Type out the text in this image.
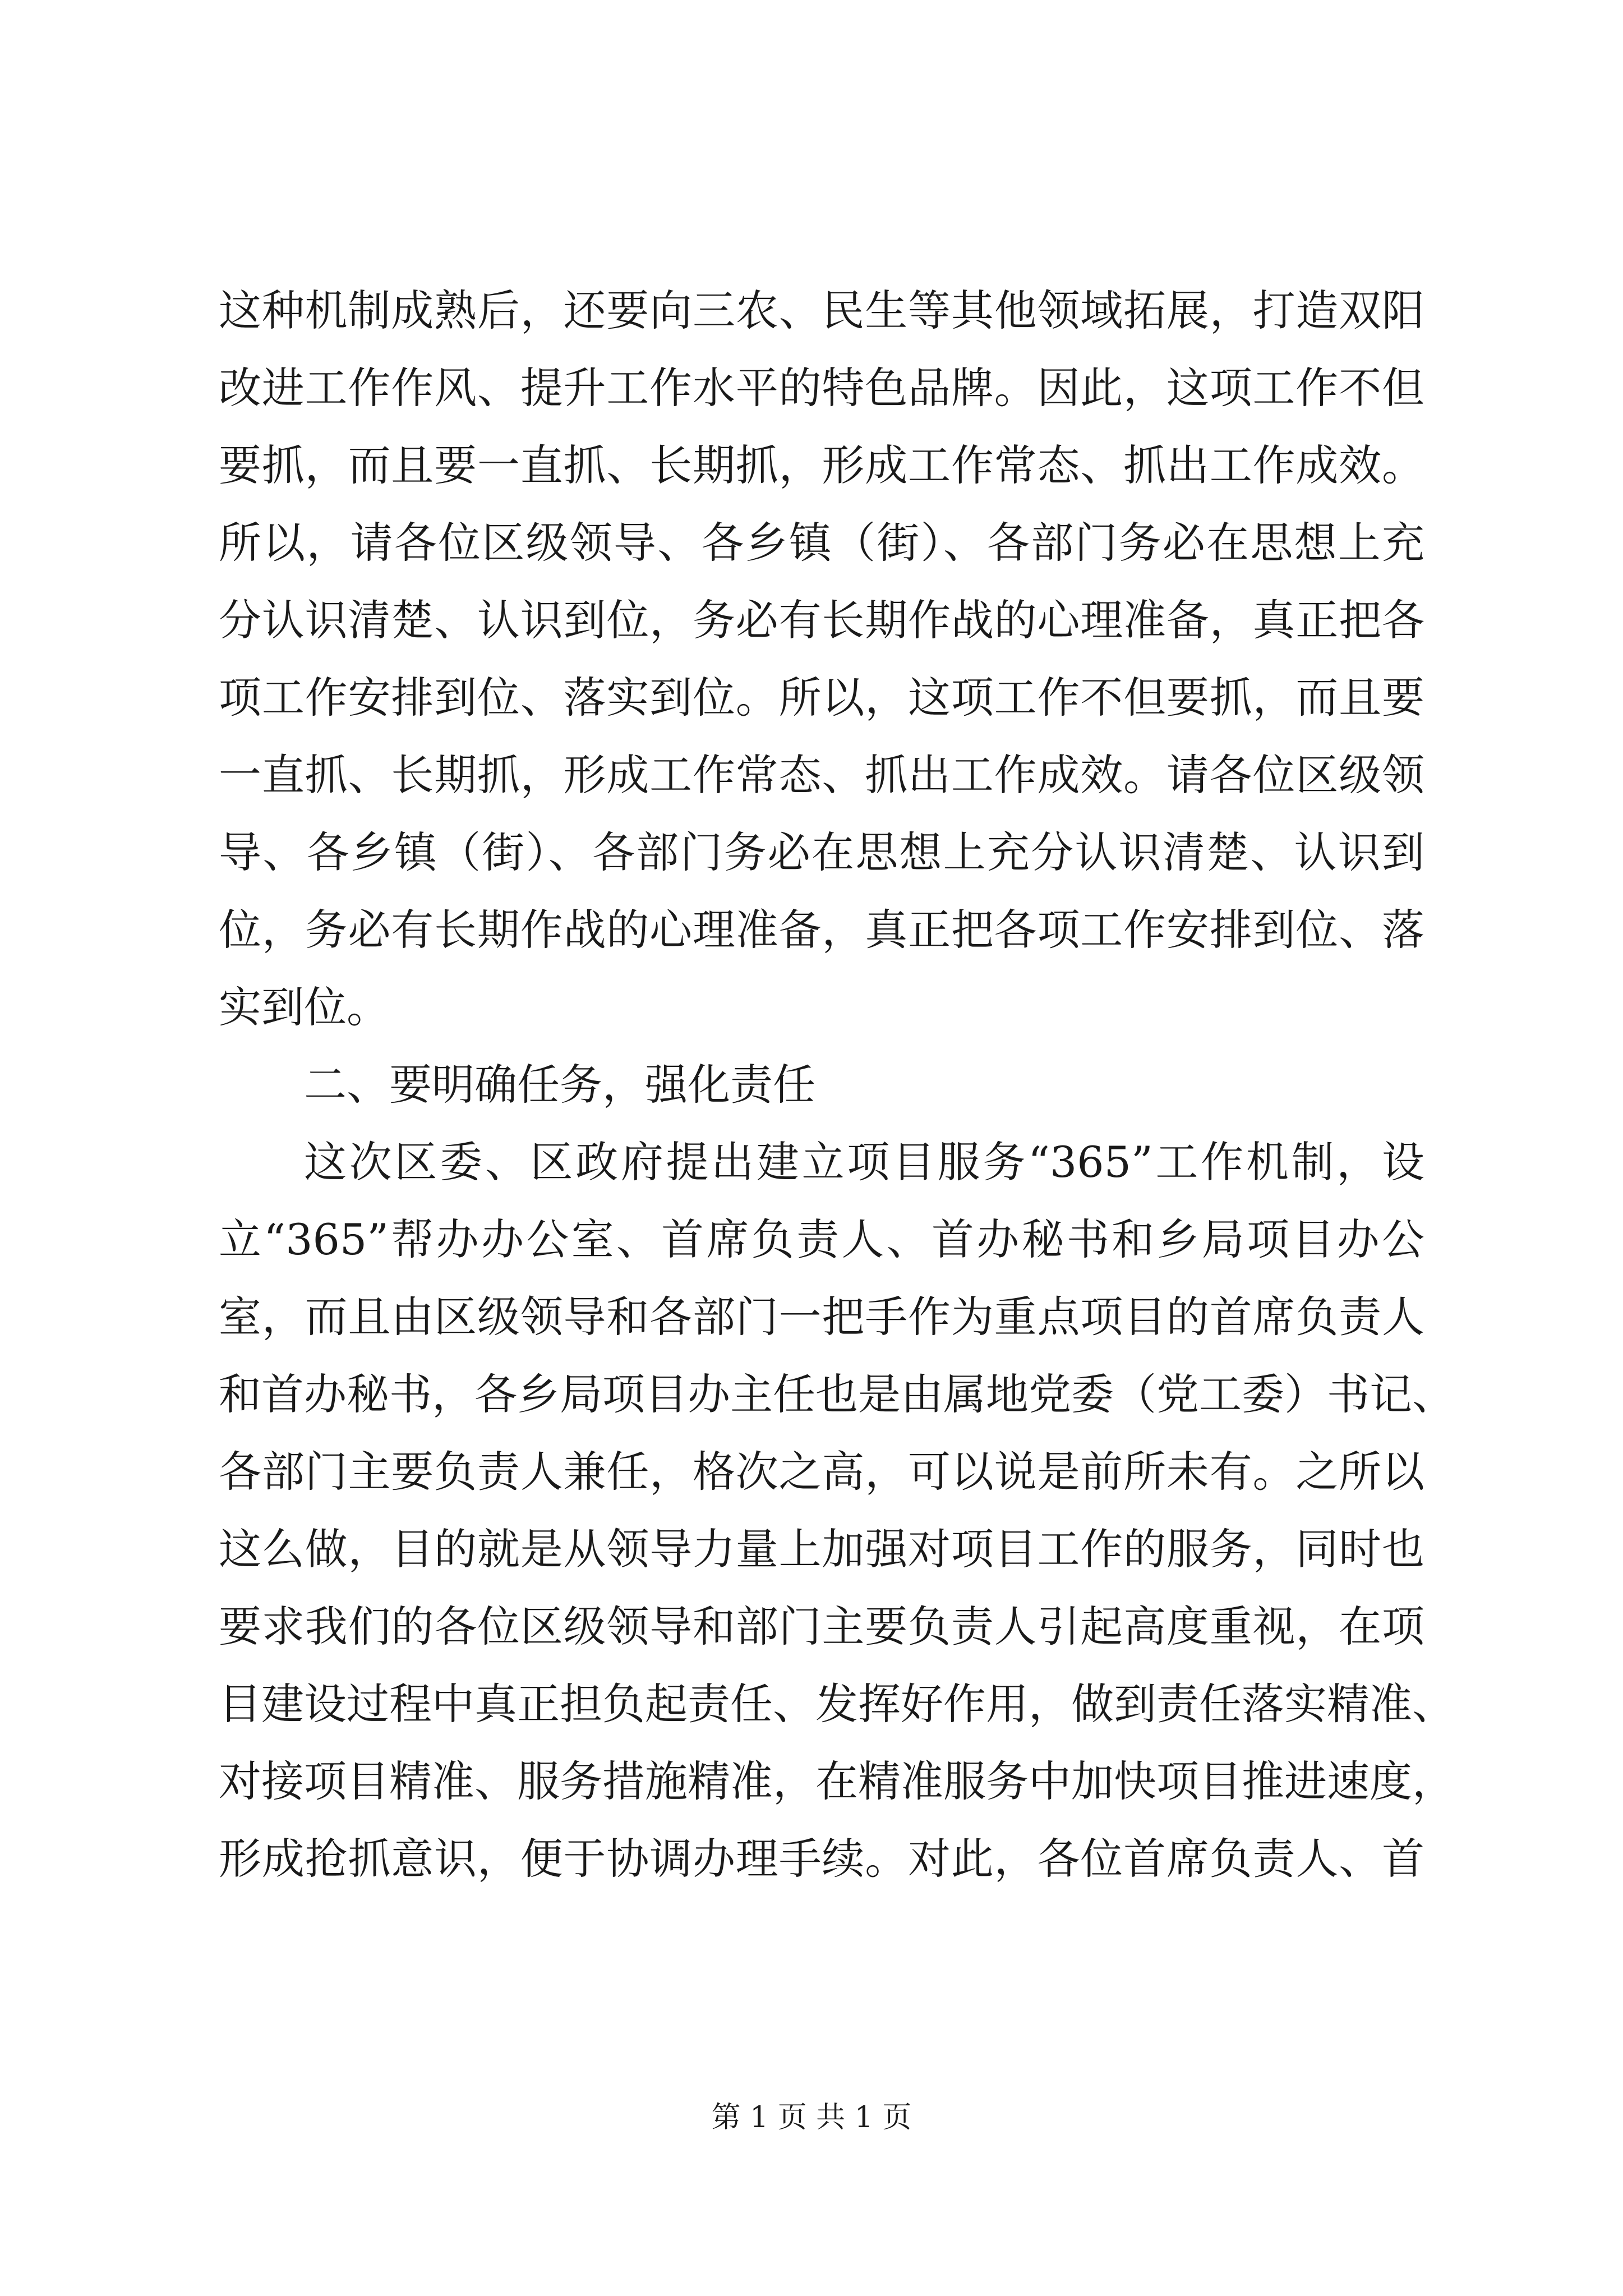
这种机制成熟后，还要向三农、民生等其他领域拓展，打造双阳
改进工作作风、提升工作水平的特色品牌。因此，这项工作不但
要抓，而且要一直抓、长期抓，形成工作常态、抓出工作成效。
所以，请各位区级领导、各乡镇（街）、各部门务必在思想上充
分认识清楚、认识到位，务必有长期作战的心理准备，真正把各
项工作安排到位、落实到位。所以，这项工作不但要抓，而且要
一直抓、长期抓，形成工作常态、抓出工作成效。请各位区级领
导、各乡镇（街）、各部门务必在思想上充分认识清楚、认识到
位，务必有长期作战的心理准备，真正把各项工作安排到位、落
实到位。
二、要明确任务，强化责任
这次区委、区政府提出建立项目服务“365”工作机制，设
立“365”帮办办公室、首席负责人、首办秘书和乡局项目办公
室，而且由区级领导和各部门一把手作为重点项目的首席负责人
和首办秘书，各乡局项目办主任也是由属地党委（党工委）书记、
各部门主要负责人兼任，格次之高，可以说是前所未有。之所以
这么做，目的就是从领导力量上加强对项目工作的服务，同时也
要求我们的各位区级领导和部门主要负责人引起高度重视，在项
目建设过程中真正担负起责任、发挥好作用，做到责任落实精准、
对接项目精准、服务措施精准，在精准服务中加快项目推进速度，
形成抢抓意识，便于协调办理手续。对此，各位首席负责人、首
第 1 页 共 1 页
